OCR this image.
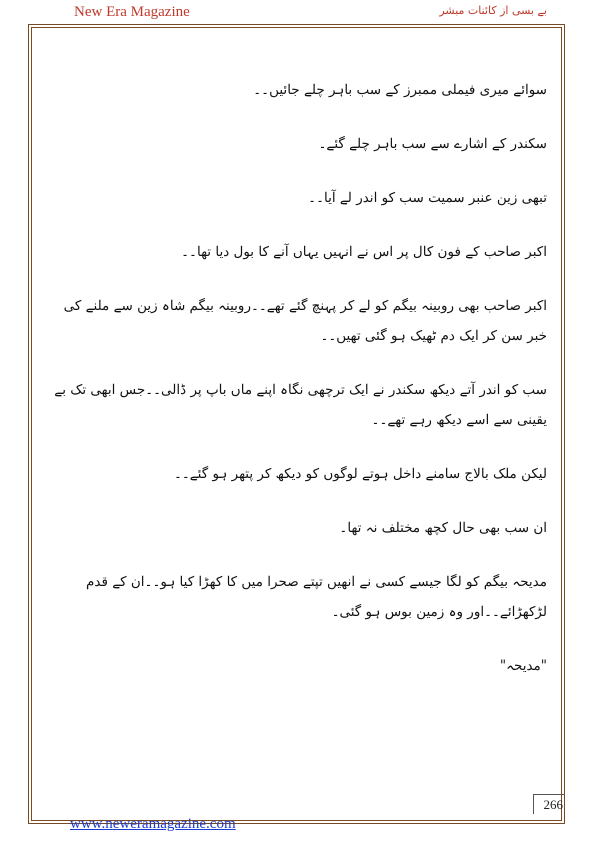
New Era Magazine	بے بسی از کائنات مبشر

سوائے میری فیملی ممبرز کے سب باہر چلے جائیں۔۔

سکندر کے اشارے سے سب باہر چلے گئے۔

تبھی زین عنبر سمیت سب کو اندر لے آیا۔۔

اکبر صاحب کے فون کال پر اس نے انہیں یہاں آنے کا بول دیا تھا۔۔

اکبر صاحب بھی روبینہ بیگم کو لے کر پہنچ گئے تھے۔۔روبینہ بیگم شاہ زین سے ملنے کی خبر سن کر ایک دم ٹھیک ہو گئی تھیں۔۔

سب کو اندر آتے دیکھ سکندر نے ایک ترچھی نگاہ اپنے ماں باپ پر ڈالی۔۔جس ابھی تک بے یقینی سے اسے دیکھ رہے تھے۔۔

لیکن ملک بالاج سامنے داخل ہوتے لوگوں کو دیکھ کر پتھر ہو گئے۔۔

ان سب بھی حال کچھ مختلف نہ تھا۔

مدیحہ بیگم کو لگا جیسے کسی نے انھیں تپتے صحرا میں کا کھڑا کیا ہو۔۔ان کے قدم لڑکھڑائے۔۔اور وہ زمین بوس ہو گئی۔

"مدیحہ"

266
www.neweramagazine.com
